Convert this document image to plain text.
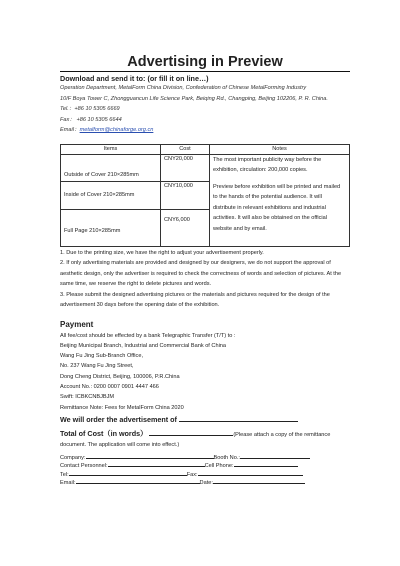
Advertising in Preview
Download and send it to: (or fill it on line…)
Operation Department, MetalForm China Division, Confederation of Chinese MetalForming Industry
10/F Boya Tower C, Zhongguancun Life Science Park, Beiqing Rd., Changping, Beijing 102206, P. R. China.
Tel.：+86 10 5305 6669
Fax： +86 10 5305 6644
Email：metalform@chinaforge.org.cn
Items	Cost	Notes
Outside of Cover 210×285mm	CNY20,000	The most important publicity way before the exhibition, circulation: 200,000 copies.
Preview before exhibition will be printed and mailed to the hands of the potential audience. It will distribute in relevant exhibitions and industrial activities. It will also be obtained on the official website and by email.

Inside of Cover 210×285mm	CNY10,000	
Full Page 210×285mm	CNY6,000	
1. Due to the printing size, we have the right to adjust your advertisement properly.
2. If only advertising materials are provided and designed by our designers, we do not support the approval of aesthetic design, only the advertiser is required to check the correctness of words and selection of pictures. At the same time, we reserve the right to delete pictures and words.
3. Please submit the designed advertising pictures or the materials and pictures required for the design of the advertisement 30 days before the opening date of the exhibition.
Payment
All fee/cost should be effected by a bank Telegraphic Transfer (T/T) to :
Beijing Municipal Branch, Industrial and Commercial Bank of China
Wang Fu Jing Sub-Branch Office,
No. 237 Wang Fu Jing Street,
Dong Cheng District, Beijing, 100006, P.R.China
Account No.: 0200 0007 0901 4447 466
Swift: ICBKCNBJBJM
Remittance Note: Fees for MetalForm China 2020
We will order the advertisement of
Total of Cost（in words）	(Please attach a copy of the remittance
document. The application will come into effect.)
Company:	Booth No.:
Contact Personnel:	Cell Phone:
Tel:	Fax:
Email:	Date:
